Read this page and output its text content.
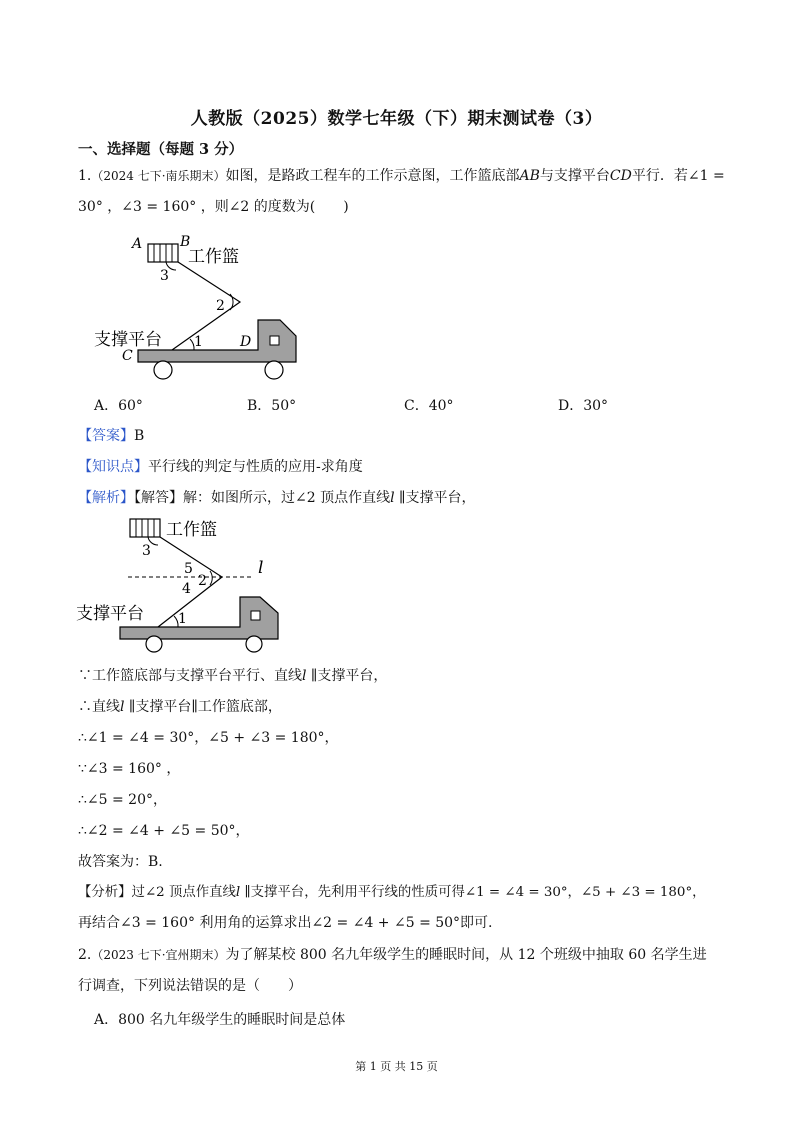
人教版（2025）数学七年级（下）期末测试卷（3）
一、选择题（每题 3 分）
1.（2024 七下·南乐期末）如图，是路政工程车的工作示意图，工作篮底部𝐴𝐵与支撑平台𝐶𝐷平行．若∠1 =
30° ，∠3 = 160° ，则∠2 的度数为(　　)
A	B
工作篮
3
2
支撑平台
C
1	D
A．60°	B．50°	C．40°	D．30°
【答案】B
【知识点】平行线的判定与性质的应用-求角度
【解析】【解答】解：如图所示，过∠2 顶点作直线𝑙 ∥支撑平台，
工作篮
3
5
2
4
l
支撑平台 1
∵工作篮底部与支撑平台平行、直线𝑙 ∥支撑平台，
∴直线𝑙 ∥支撑平台∥工作篮底部，
∴∠1 = ∠4 = 30°，∠5 + ∠3 = 180°，
∵∠3 = 160° ，
∴∠5 = 20°，
∴∠2 = ∠4 + ∠5 = 50°，
故答案为：B.
【分析】过∠2 顶点作直线𝑙 ∥支撑平台，先利用平行线的性质可得∠1 = ∠4 = 30°，∠5 + ∠3 = 180°，
再结合∠3 = 160° 利用角的运算求出∠2 = ∠4 + ∠5 = 50°即可.
2.（2023 七下·宜州期末）为了解某校 800 名九年级学生的睡眠时间，从 12 个班级中抽取 60 名学生进
行调查，下列说法错误的是（　　）
A．800 名九年级学生的睡眠时间是总体
第 1 页 共 15 页
